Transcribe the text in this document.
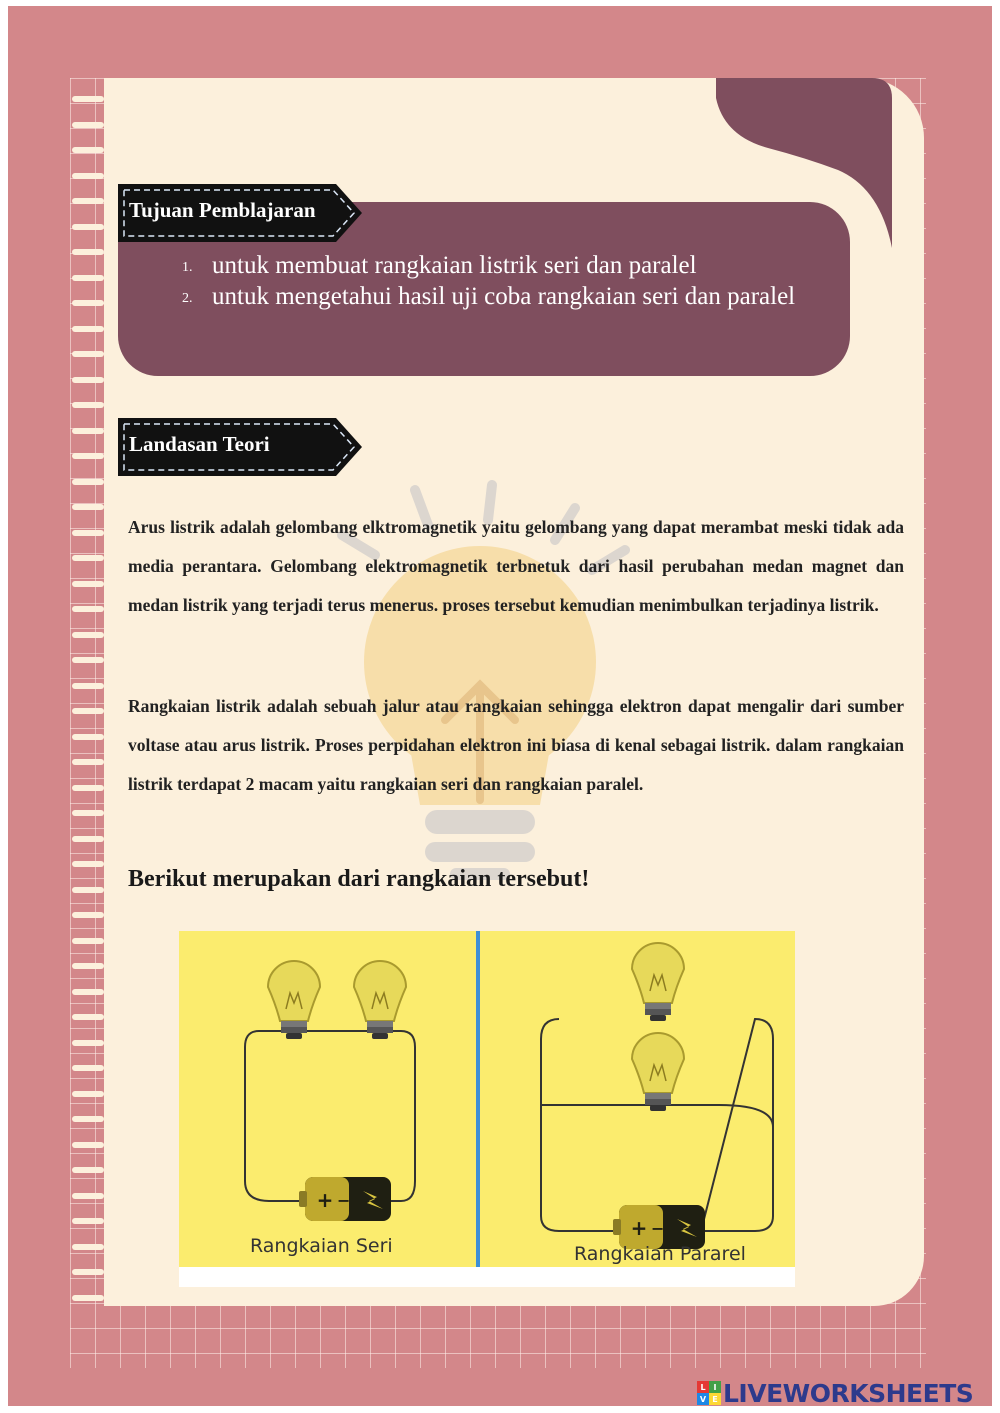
Tujuan Pemblajaran
1. untuk membuat rangkaian listrik seri dan paralel
2. untuk mengetahui hasil uji coba rangkaian seri dan paralel
Landasan Teori

Arus listrik adalah gelombang elktromagnetik yaitu gelombang yang dapat merambat meski tidak ada media perantara. Gelombang elektromagnetik terbnetuk dari hasil perubahan medan magnet dan medan listrik yang terjadi terus menerus. proses tersebut kemudian menimbulkan terjadinya listrik.

Rangkaian listrik adalah sebuah jalur atau rangkaian sehingga elektron dapat mengalir dari sumber voltase atau arus listrik. Proses perpidahan elektron ini biasa di kenal sebagai listrik. dalam rangkaian listrik terdapat 2 macam yaitu rangkaian seri dan rangkaian paralel.

Berikut merupakan dari rangkaian tersebut!
Rangkaian Seri	Rangkaian Pararel
L I
V E LIVEWORKSHEETS
